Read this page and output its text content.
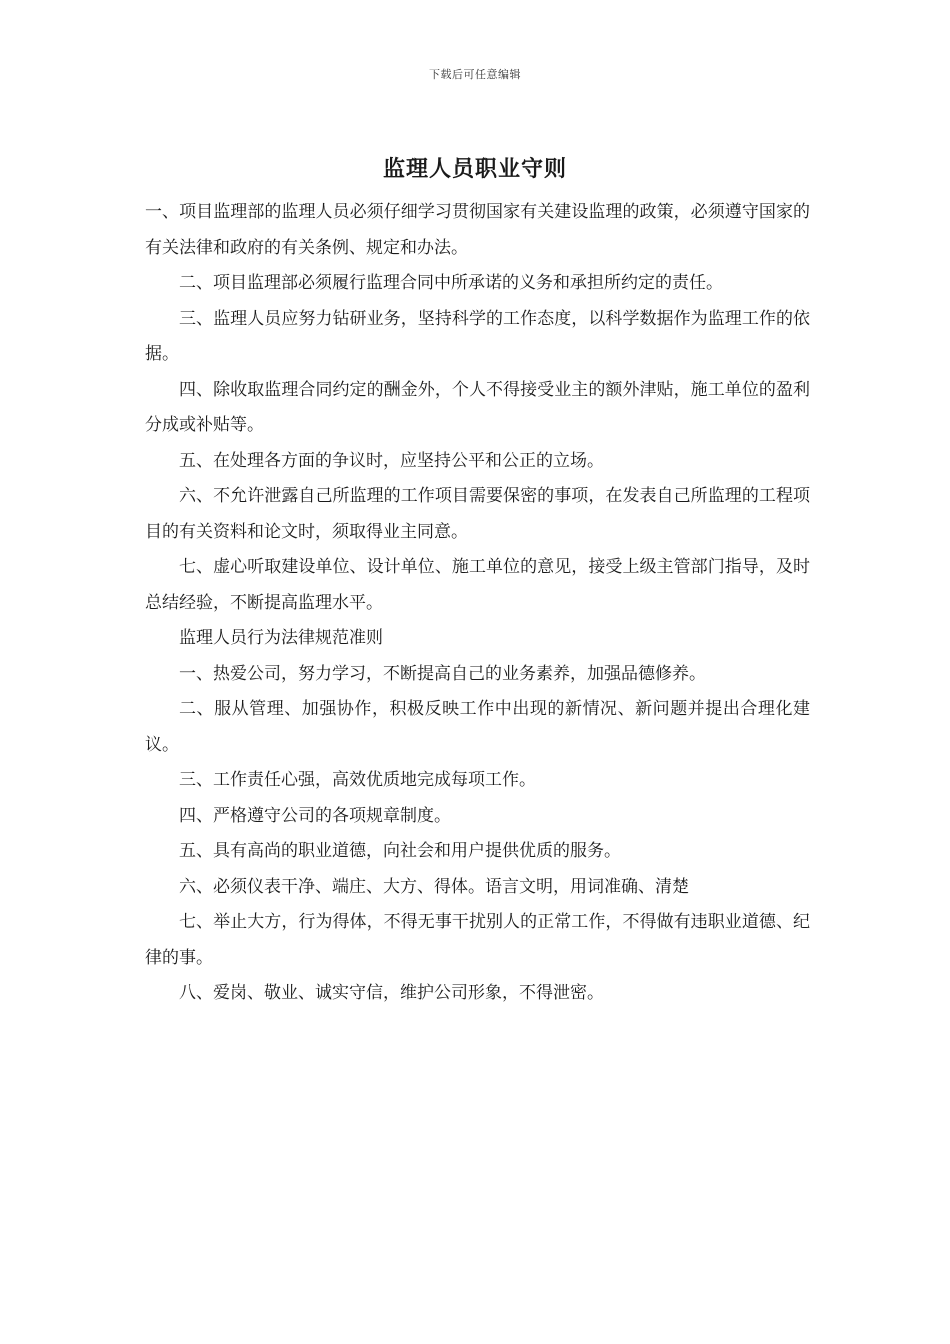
下载后可任意编辑
监理人员职业守则

一、项目监理部的监理人员必须仔细学习贯彻国家有关建设监理的政策，必须遵守国家的有关法律和政府的有关条例、规定和办法。

二、项目监理部必须履行监理合同中所承诺的义务和承担所约定的责任。

三、监理人员应努力钻研业务，坚持科学的工作态度，以科学数据作为监理工作的依据。

四、除收取监理合同约定的酬金外，个人不得接受业主的额外津贴，施工单位的盈利分成或补贴等。

五、在处理各方面的争议时，应坚持公平和公正的立场。

六、不允许泄露自己所监理的工作项目需要保密的事项，在发表自己所监理的工程项目的有关资料和论文时，须取得业主同意。

七、虚心听取建设单位、设计单位、施工单位的意见，接受上级主管部门指导，及时总结经验，不断提高监理水平。

监理人员行为法律规范准则

一、热爱公司，努力学习，不断提高自己的业务素养，加强品德修养。

二、服从管理、加强协作，积极反映工作中出现的新情况、新问题并提出合理化建议。

三、工作责任心强，高效优质地完成每项工作。

四、严格遵守公司的各项规章制度。

五、具有高尚的职业道德，向社会和用户提供优质的服务。

六、必须仪表干净、端庄、大方、得体。语言文明，用词准确、清楚

七、举止大方，行为得体，不得无事干扰别人的正常工作，不得做有违职业道德、纪律的事。

八、爱岗、敬业、诚实守信，维护公司形象，不得泄密。
